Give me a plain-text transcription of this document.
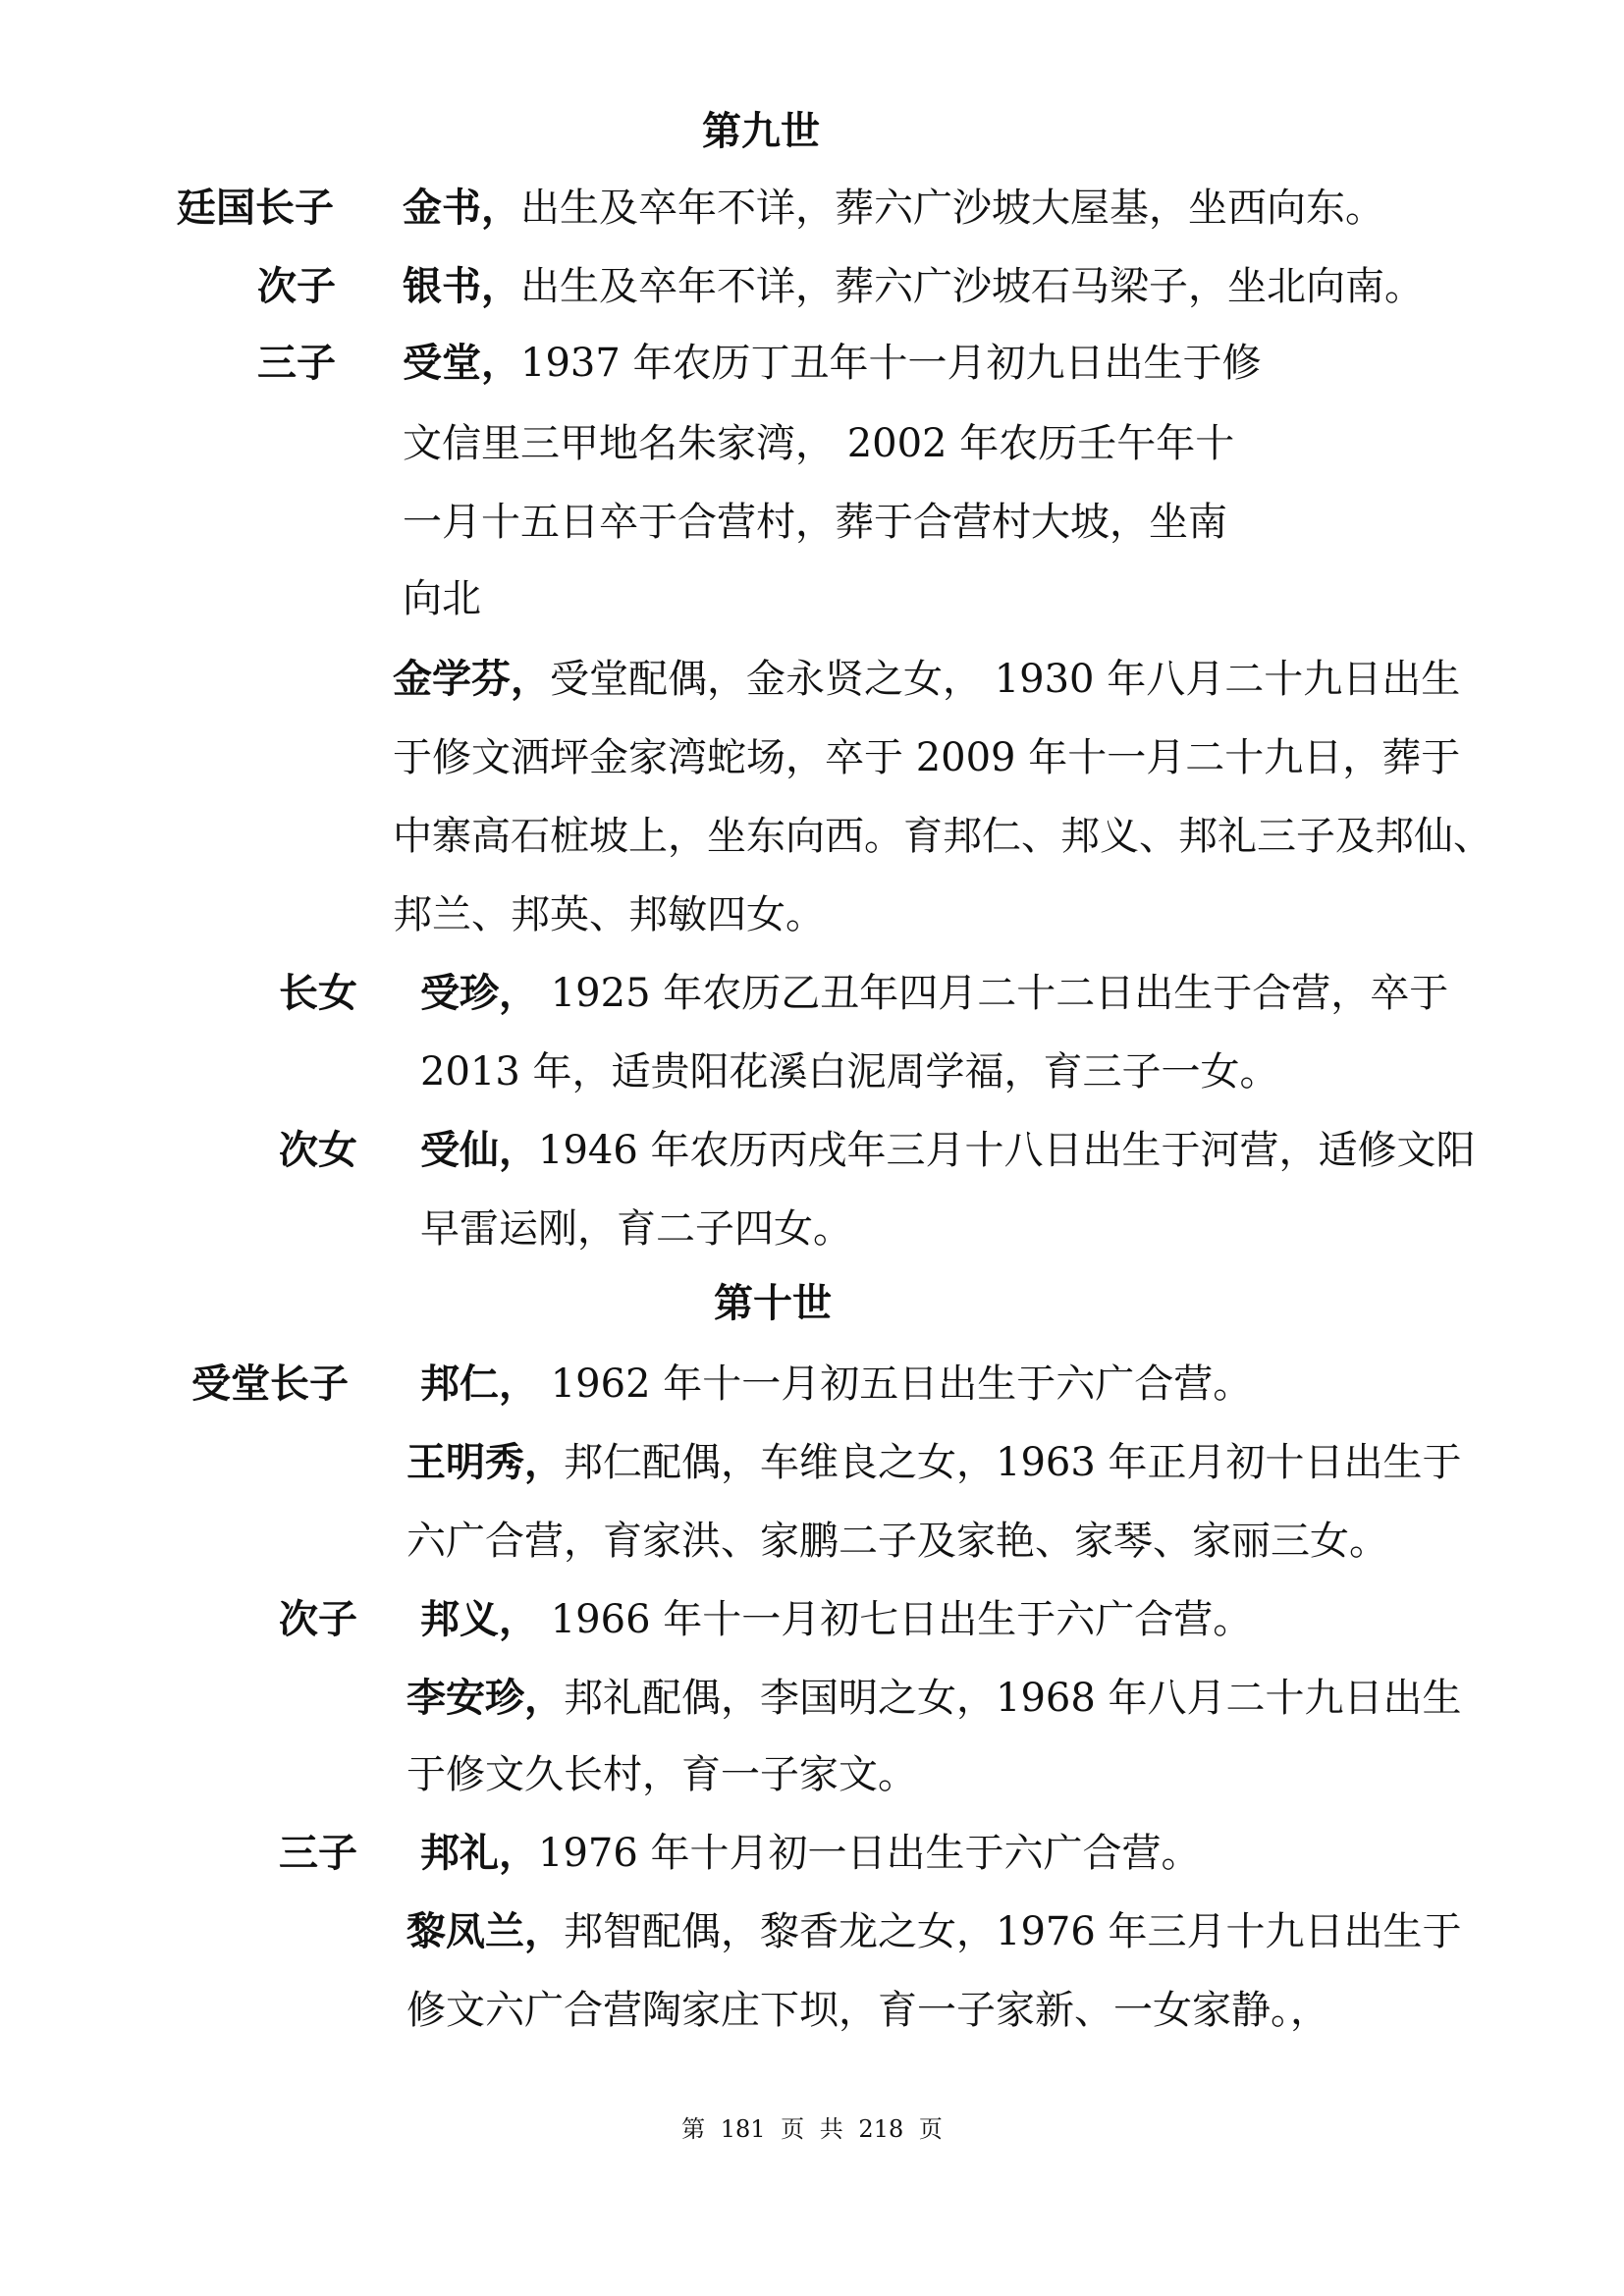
第九世
廷国长子 金书，出生及卒年不详，葬六广沙坡大屋基，坐西向东。
次子 银书，出生及卒年不详，葬六广沙坡石马梁子，坐北向南。
三子 受堂，1937 年农历丁丑年十一月初九日出生于修
文信里三甲地名朱家湾， 2002 年农历壬午年十
一月十五日卒于合营村，葬于合营村大坡，坐南
向北
金学芬，受堂配偶，金永贤之女， 1930 年八月二十九日出生
于修文洒坪金家湾蛇场，卒于 2009 年十一月二十九日，葬于
中寨高石桩坡上，坐东向西。育邦仁、邦义、邦礼三子及邦仙、
邦兰、邦英、邦敏四女。
长女 受珍， 1925 年农历乙丑年四月二十二日出生于合营，卒于
2013 年，适贵阳花溪白泥周学福，育三子一女。
次女 受仙，1946 年农历丙戌年三月十八日出生于河营，适修文阳
早雷运刚，育二子四女。
第十世
受堂长子 邦仁， 1962 年十一月初五日出生于六广合营。
王明秀，邦仁配偶，车维良之女，1963 年正月初十日出生于
六广合营，育家洪、家鹏二子及家艳、家琴、家丽三女。
次子 邦义， 1966 年十一月初七日出生于六广合营。
李安珍，邦礼配偶，李国明之女，1968 年八月二十九日出生
于修文久长村，育一子家文。
三子 邦礼，1976 年十月初一日出生于六广合营。
黎凤兰，邦智配偶，黎香龙之女，1976 年三月十九日出生于
修文六广合营陶家庄下坝，育一子家新、一女家静。，
第 181 页 共 218 页
